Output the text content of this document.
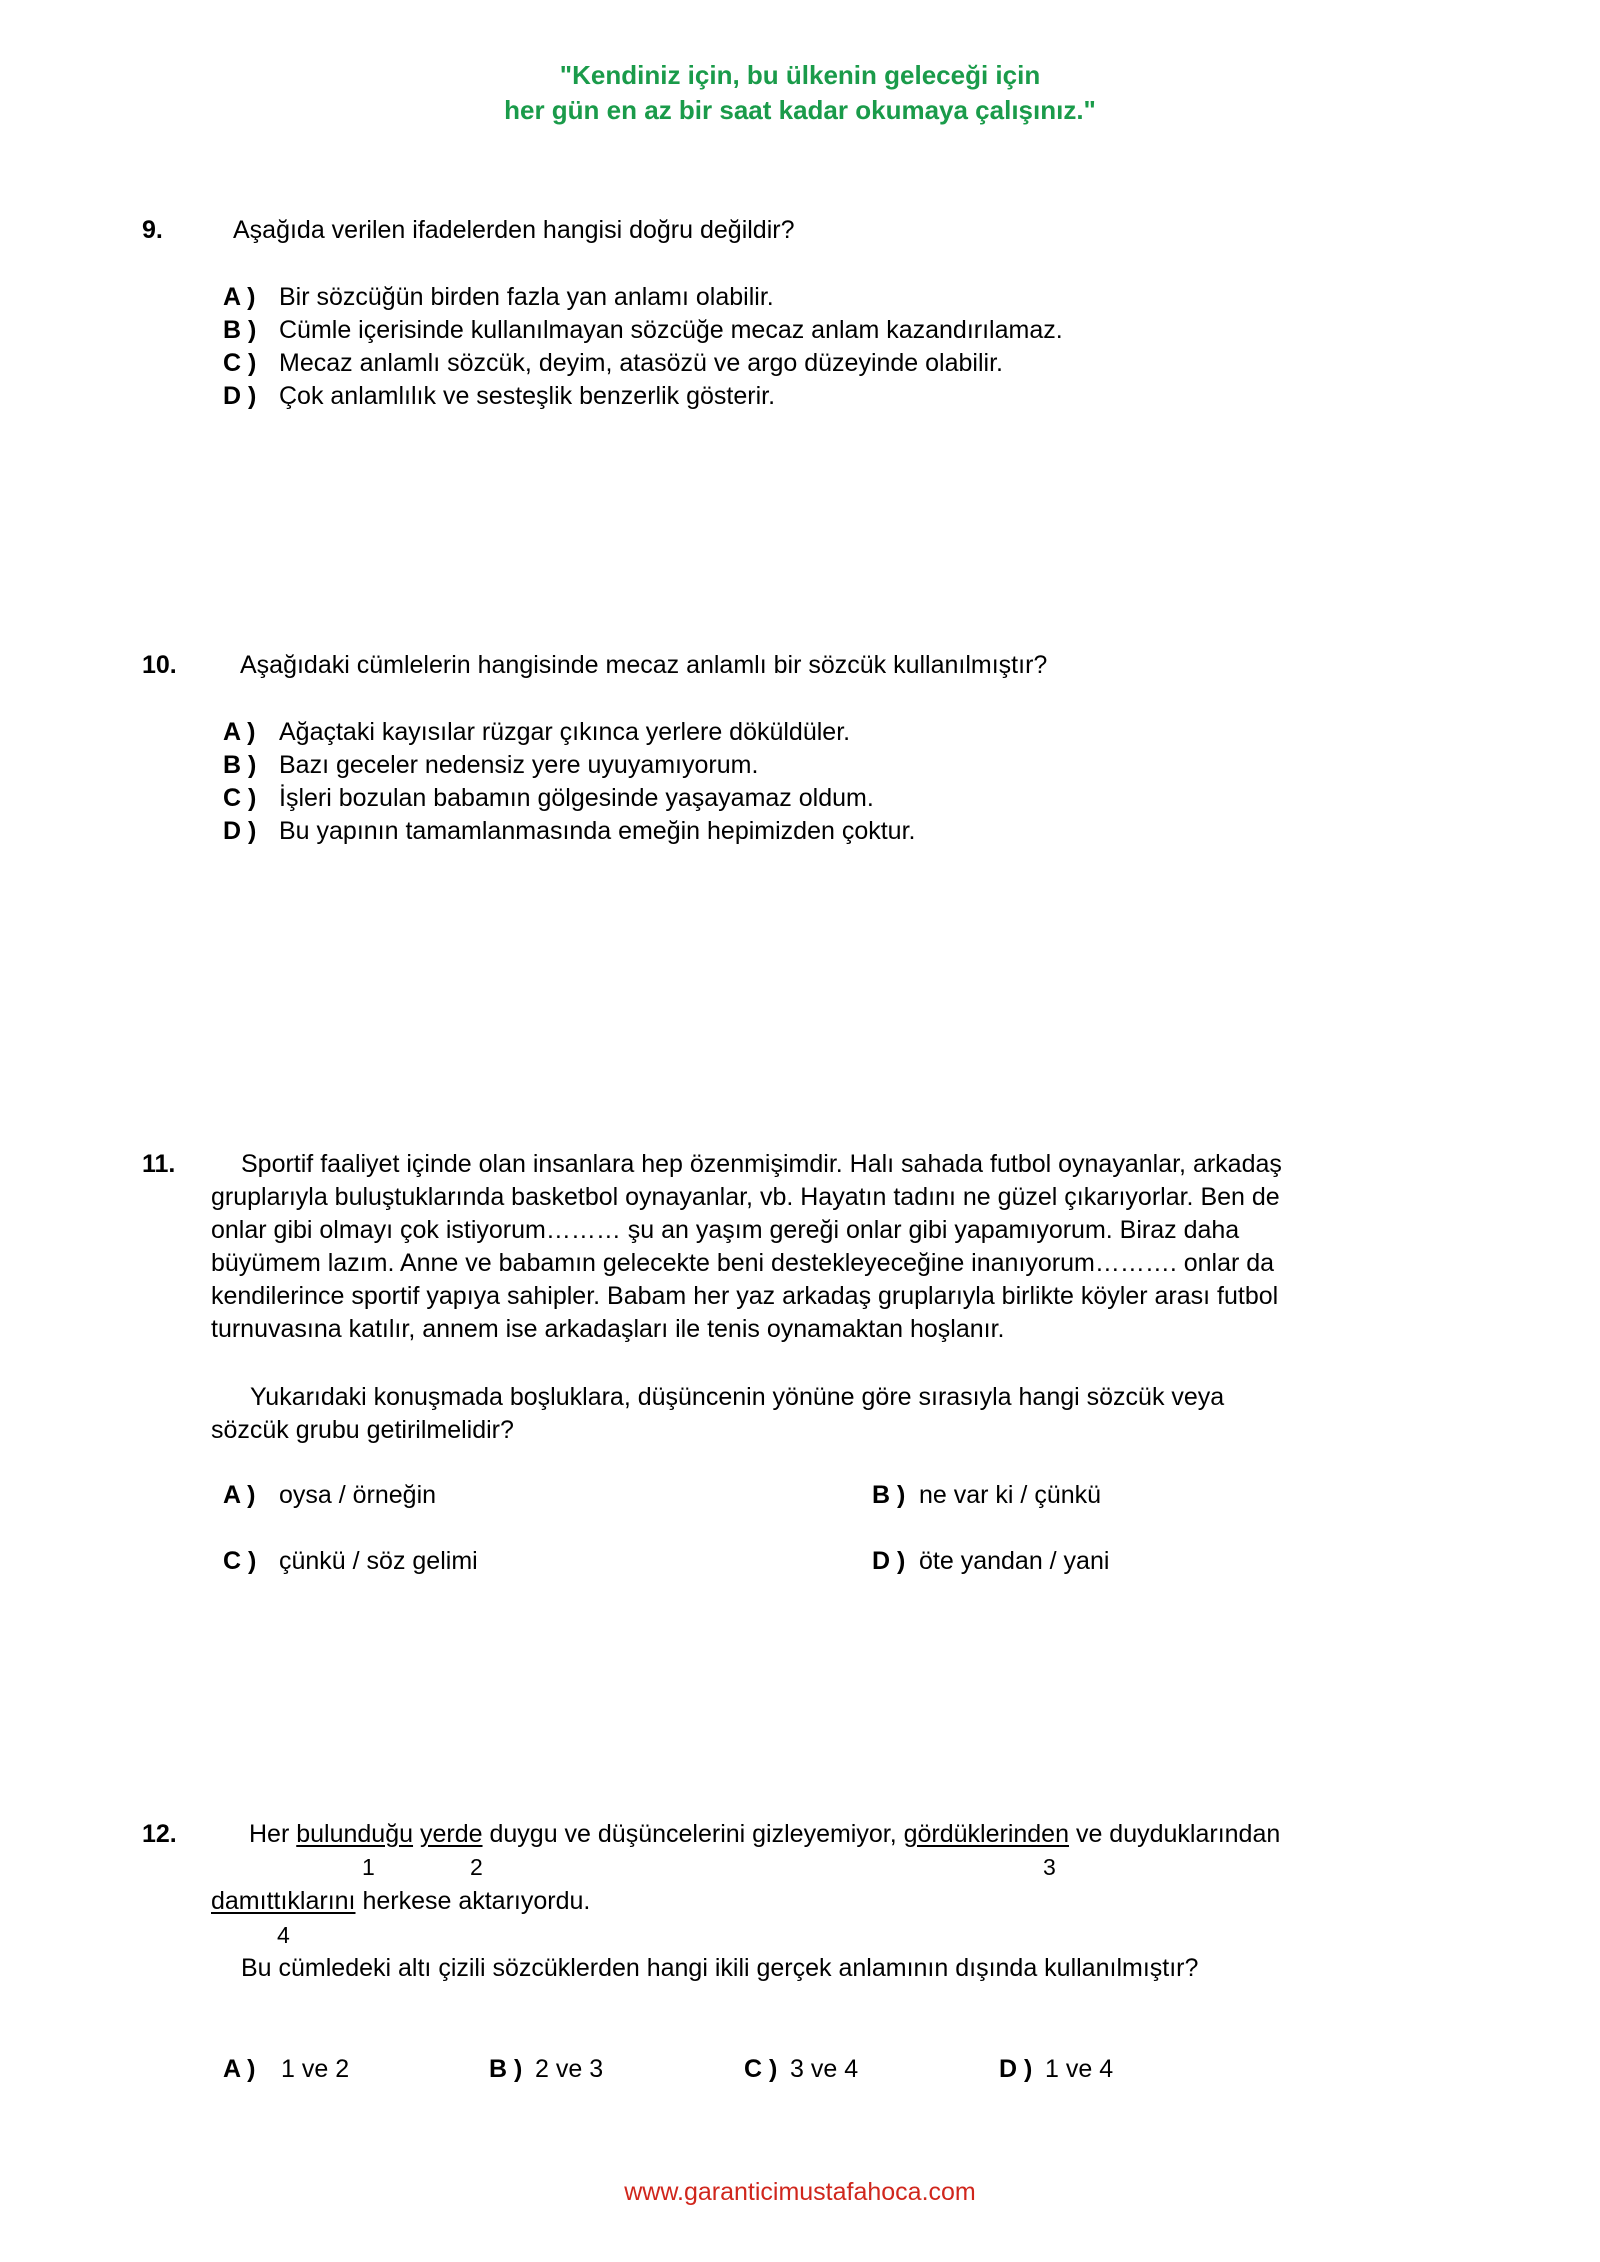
"Kendiniz için, bu ülkenin geleceği için
her gün en az bir saat kadar okumaya çalışınız."
9.	Aşağıda verilen ifadelerden hangisi doğru değildir?
A ) Bir sözcüğün birden fazla yan anlamı olabilir.
B ) Cümle içerisinde kullanılmayan sözcüğe mecaz anlam kazandırılamaz.
C ) Mecaz anlamlı sözcük, deyim, atasözü ve argo düzeyinde olabilir.
D ) Çok anlamlılık ve sesteşlik benzerlik gösterir.
10.	Aşağıdaki cümlelerin hangisinde mecaz anlamlı bir sözcük kullanılmıştır?
A ) Ağaçtaki kayısılar rüzgar çıkınca yerlere döküldüler.
B ) Bazı geceler nedensiz yere uyuyamıyorum.
C ) İşleri bozulan babamın gölgesinde yaşayamaz oldum.
D ) Bu yapının tamamlanmasında emeğin hepimizden çoktur.
11.	Sportif faaliyet içinde olan insanlara hep özenmişimdir. Halı sahada futbol oynayanlar, arkadaş
gruplarıyla buluştuklarında basketbol oynayanlar, vb. Hayatın tadını ne güzel çıkarıyorlar. Ben de
onlar gibi olmayı çok istiyorum……… şu an yaşım gereği onlar gibi yapamıyorum. Biraz daha
büyümem lazım. Anne ve babamın gelecekte beni destekleyeceğine inanıyorum………. onlar da
kendilerince sportif yapıya sahipler. Babam her yaz arkadaş gruplarıyla birlikte köyler arası futbol
turnuvasına katılır, annem ise arkadaşları ile tenis oynamaktan hoşlanır.
Yukarıdaki konuşmada boşluklara, düşüncenin yönüne göre sırasıyla hangi sözcük veya
sözcük grubu getirilmelidir?
A ) oysa / örneğin	B ) ne var ki / çünkü
C ) çünkü / söz gelimi	D ) öte yandan / yani
12.	Her bulunduğu yerde duygu ve düşüncelerini gizleyemiyor, gördüklerinden ve duyduklarından
1	2	3
damıttıklarını herkese aktarıyordu.
4
Bu cümledeki altı çizili sözcüklerden hangi ikili gerçek anlamının dışında kullanılmıştır?
A ) 1 ve 2	B ) 2 ve 3	C ) 3 ve 4	D ) 1 ve 4
www.garanticimustafahoca.com
